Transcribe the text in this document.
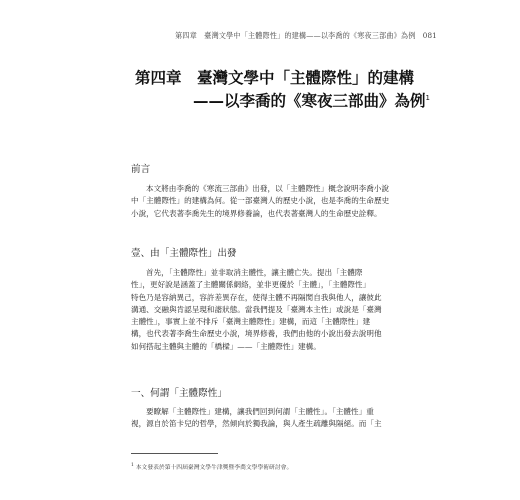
第四章　臺灣文學中「主體際性」的建構——以李喬的《寒夜三部曲》為例　081
第四章　臺灣文學中「主體際性」的建構
——以李喬的《寒夜三部曲》為例$^1$
前言
本文將由李喬的《寒流三部曲》出發，以「主體際性」概念說明李喬小說
中「主體際性」的建構為何。從一部臺灣人的歷史小說，也是李喬的生命歷史
小說，它代表著李喬先生的境界修養論，也代表著臺灣人的生命歷史詮釋。
壹、由「主體際性」出發
首先，「主體際性」並非取消主體性，讓主體亡失。提出「主體際
性」，更好說是涵蓋了主體關係網絡，並非更優於「主體」，「主體際性」
特色乃是容納異己，容許差異存在，使得主體不再隔閡自我與他人，讓彼此
溝通、交融與肯認呈現和諧狀態。當我們提及「臺灣本主性」或說是「臺灣
主體性」，事實上並不排斥「臺灣主體際性」建構，而這「主體際性」建
構，也代表著李喬生命歷史小說，境界修養，我們由他的小說出發去說明他
如何搭起主體與主體的「橋樑」——「主體際性」建構。
一、何謂「主體際性」
要瞭解「主體際性」建構，讓我們回到何謂「主體性」。「主體性」重
視，源自於笛卡兒的哲學，然傾向於獨我論，與人產生疏離與隔絕。而「主
$^1$ 本文發表於第十四屆臺灣文學牛津獎暨李喬文學學術研討會。
